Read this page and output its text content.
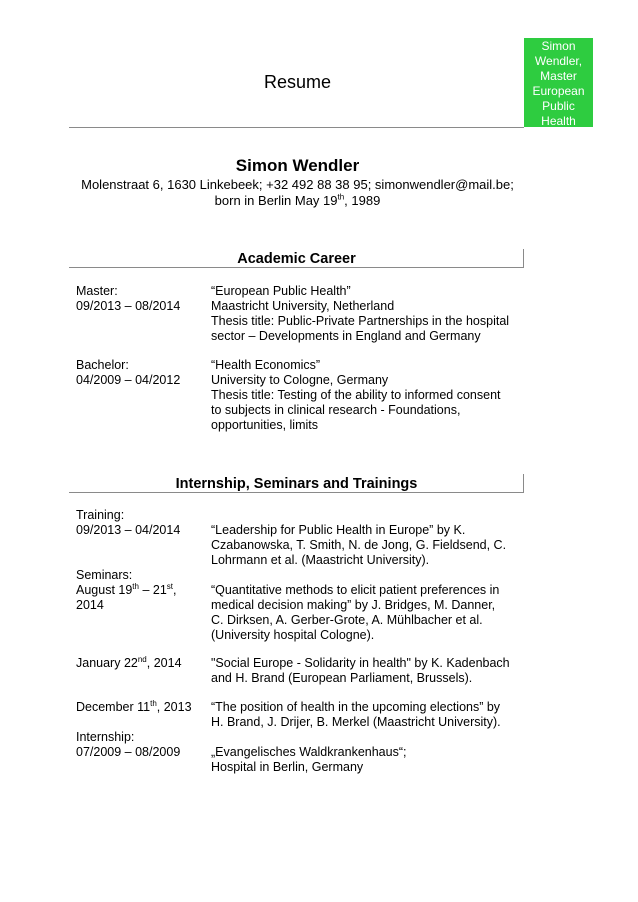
Simon
Wendler,
Master
European
Public
Health
Resume
Simon Wendler
Molenstraat 6, 1630 Linkebeek; +32 492 88 38 95; simonwendler@mail.be;
born in Berlin May 19th, 1989
Academic Career
Master:
09/2013 – 08/2014
“European Public Health”
Maastricht University, Netherland
Thesis title: Public-Private Partnerships in the hospital
sector – Developments in England and Germany
Bachelor:
04/2009 – 04/2012
“Health Economics”
University to Cologne, Germany
Thesis title: Testing of the ability to informed consent
to subjects in clinical research - Foundations,
opportunities, limits
Internship, Seminars and Trainings
Training:
09/2013 – 04/2014 “Leadership for Public Health in Europe” by K.
Czabanowska, T. Smith, N. de Jong, G. Fieldsend, C.
Lohrmann et al. (Maastricht University).
Seminars:
August 19th – 21st,
2014
“Quantitative methods to elicit patient preferences in
medical decision making” by J. Bridges, M. Danner,
C. Dirksen, A. Gerber-Grote, A. Mühlbacher et al.
(University hospital Cologne).
January 22nd, 2014 "Social Europe - Solidarity in health" by K. Kadenbach
and H. Brand (European Parliament, Brussels).
December 11th, 2013 “The position of health in the upcoming elections” by
H. Brand, J. Drijer, B. Merkel (Maastricht University).
Internship:
07/2009 – 08/2009 „Evangelisches Waldkrankenhaus“;
Hospital in Berlin, Germany
